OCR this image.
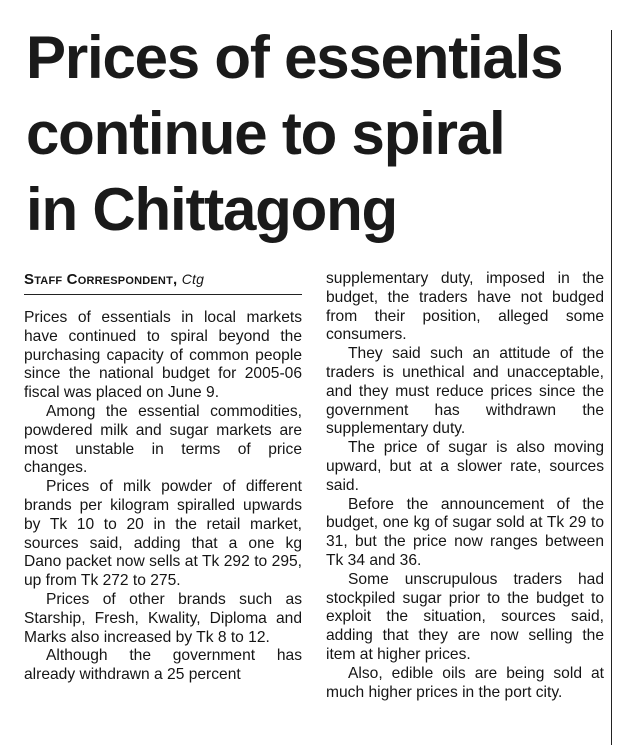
Prices of essentials
continue to spiral
in Chittagong
Staff Correspondent, Ctg

Prices of essentials in local markets have continued to spiral beyond the purchasing capacity of common people since the national budget for 2005-06 fiscal was placed on June 9.

Among the essential commodities, powdered milk and sugar markets are most unstable in terms of price changes.

Prices of milk powder of different brands per kilogram spiralled upwards by Tk 10 to 20 in the retail market, sources said, adding that a one kg Dano packet now sells at Tk 292 to 295, up from Tk 272 to 275.

Prices of other brands such as Starship, Fresh, Kwality, Diploma and Marks also increased by Tk 8 to 12.

Although the government has already withdrawn a 25 percent

supplementary duty, imposed in the budget, the traders have not budged from their position, alleged some consumers.

They said such an attitude of the traders is unethical and unacceptable, and they must reduce prices since the government has withdrawn the supplementary duty.

The price of sugar is also moving upward, but at a slower rate, sources said.

Before the announcement of the budget, one kg of sugar sold at Tk 29 to 31, but the price now ranges between Tk 34 and 36.

Some unscrupulous traders had stockpiled sugar prior to the budget to exploit the situation, sources said, adding that they are now selling the item at higher prices.

Also, edible oils are being sold at much higher prices in the port city.
